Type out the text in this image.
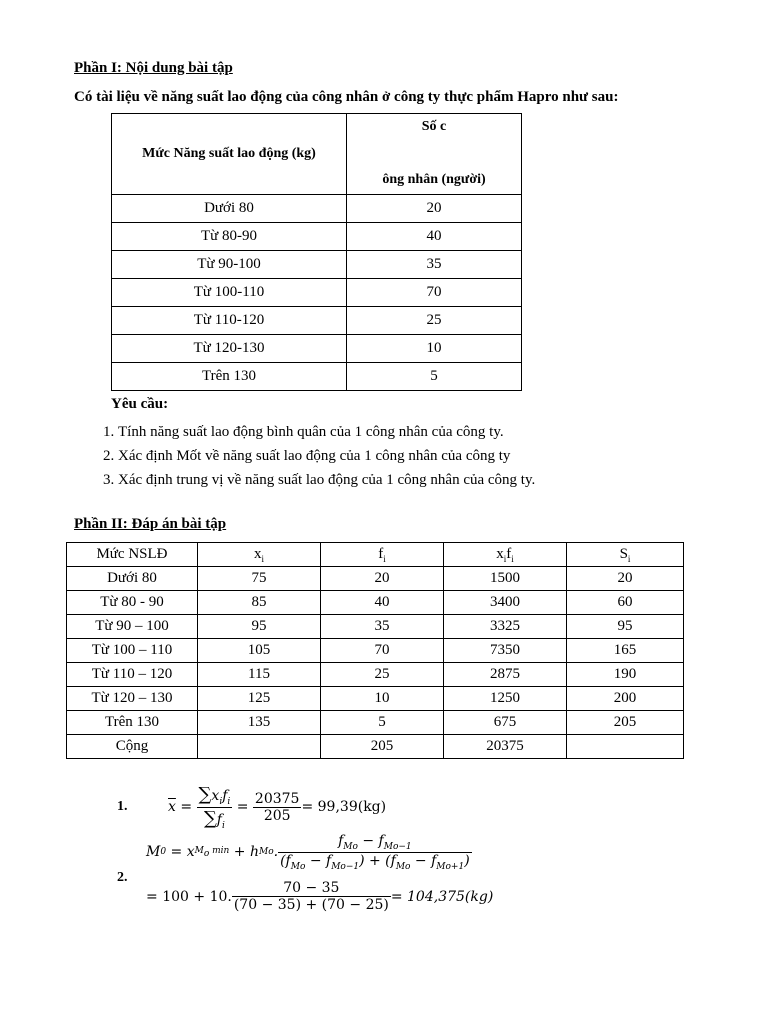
Phần I: Nội dung bài tập
Có tài liệu về năng suất lao động của công nhân ở công ty thực phẩm Hapro như sau:
Mức Năng suất lao động (kg)	Số c
ông nhân (người)

Dưới 80	20
Từ 80-90	40
Từ 90-100	35
Từ 100-110	70
Từ 110-120	25
Từ 120-130	10
Trên 130	5
Yêu cầu:
1. Tính năng suất lao động bình quân của 1 công nhân của công ty.
2. Xác định Mốt về năng suất lao động của 1 công nhân của công ty
3. Xác định trung vị về năng suất lao động của 1 công nhân của công ty.
Phần II: Đáp án bài tập
Mức NSLĐ	$x_i$	$f_i$	$x_if_i$	$S_i$
Dưới 80	75	20	1500	20
Từ 80 - 90	85	40	3400	60
Từ 90 – 100	95	35	3325	95
Từ 100 – 110	105	70	7350	165
Từ 110 – 120	115	25	2875	190
Từ 120 – 130	125	10	1250	200
Trên 130	135	5	675	205
Cộng		205	20375	
1.	$\overline{x} = \frac{\sum x_if_i}{\sum f_i} = \frac{20375}{205} = 99,39(kg)$
M 0 = x $M_o$ min + h Mo . $\frac{f_{Mo} - f_{Mo-1}}{(f_{Mo} - f_{Mo-1}) + (f_{Mo} - f_{Mo+1})}$
2.
= 100 + 10 . $\frac{70 - 35}{(70 - 35) + (70 - 25)} = 104,375(kg)$
